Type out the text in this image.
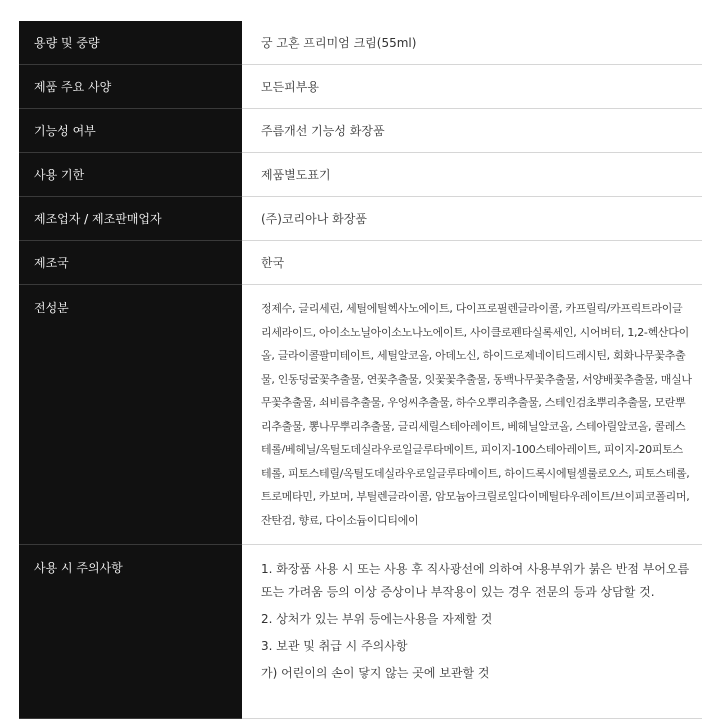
용량 및 중량	궁 고혼 프리미엄 크림(55ml)
제품 주요 사양	모든피부용
기능성 여부	주름개선 기능성 화장품
사용 기한	제품별도표기
제조업자 / 제조판매업자	(주)코리아나 화장품
제조국	한국
전성분	정제수, 글리세린, 세틸에틸헥사노에이트, 다이프로필렌글라이콜, 카프릴릭/카프릭트라이글리세라이드, 아이소노닐아이소노나노에이트, 사이클로펜타실록세인, 시어버터, 1,2-헥산다이올, 글라이콜팔미테이트, 세틸알코올, 아데노신, 하이드로제네이티드레시틴, 회화나무꽃추출물, 인동덩굴꽃추출물, 연꽃추출물, 잇꽃꽃추출물, 동백나무꽃추출물, 서양배꽃추출물, 매실나무꽃추출물, 쇠비름추출물, 우엉씨추출물, 하수오뿌리추출물, 스테인검초뿌리추출물, 모란뿌리추출물, 뽕나무뿌리추출물, 글리세릴스테아레이트, 베헤닐알코올, 스테아릴알코올, 콜레스테롤/베헤닐/옥틸도데실라우로일글루타메이트, 피이지-100스테아레이트, 피이지-20피토스테롤, 피토스테릴/옥틸도데실라우로일글루타메이트, 하이드록시에틸셀룰로오스, 피토스테롤, 트로메타민, 카보머, 부틸렌글라이콜, 암모늄아크릴로일다이메틸타우레이트/브이피코폴리머, 잔탄검, 향료, 다이소듐이디티에이
사용 시 주의사항	1. 화장품 사용 시 또는 사용 후 직사광선에 의하여 사용부위가 붉은 반점 부어오름 또는 가려움 등의 이상 증상이나 부작용이 있는 경우 전문의 등과 상담할 것.
2. 상처가 있는 부위 등에는사용을 자제할 것
3. 보관 및 취급 시 주의사항
가) 어린이의 손이 닿지 않는 곳에 보관할 것
